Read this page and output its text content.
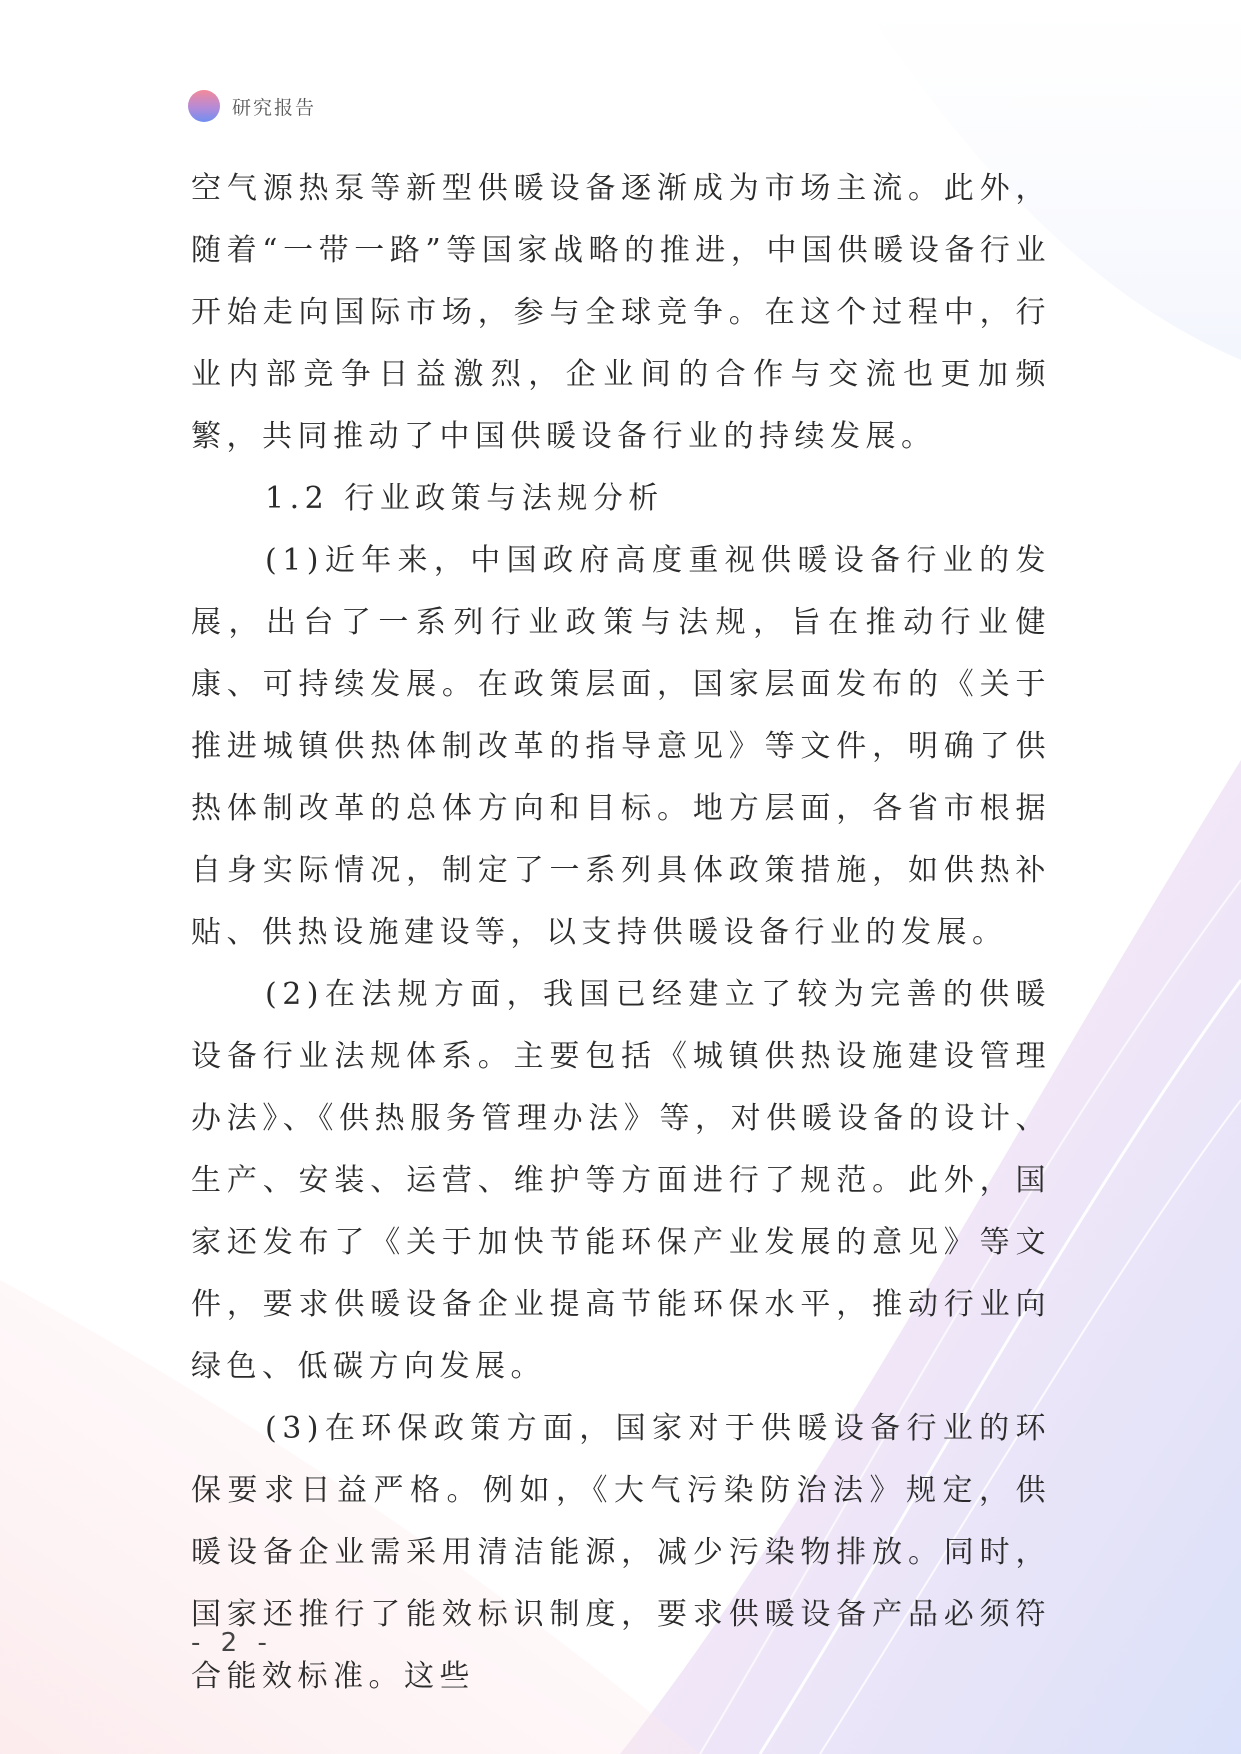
研究报告

空气源热泵等新型供暖设备逐渐成为市场主流。此外，随着“一带一路”等国家战略的推进，中国供暖设备行业开始走向国际市场，参与全球竞争。在这个过程中，行业内部竞争日益激烈，企业间的合作与交流也更加频繁，共同推动了中国供暖设备行业的持续发展。

1.2 行业政策与法规分析

(1)近年来，中国政府高度重视供暖设备行业的发展，出台了一系列行业政策与法规，旨在推动行业健康、可持续发展。在政策层面，国家层面发布的《关于推进城镇供热体制改革的指导意见》等文件，明确了供热体制改革的总体方向和目标。地方层面，各省市根据自身实际情况，制定了一系列具体政策措施，如供热补贴、供热设施建设等，以支持供暖设备行业的发展。

(2)在法规方面，我国已经建立了较为完善的供暖设备行业法规体系。主要包括《城镇供热设施建设管理办法》、《供热服务管理办法》等，对供暖设备的设计、生产、安装、运营、维护等方面进行了规范。此外，国家还发布了《关于加快节能环保产业发展的意见》等文件，要求供暖设备企业提高节能环保水平，推动行业向绿色、低碳方向发展。

(3)在环保政策方面，国家对于供暖设备行业的环保要求日益严格。例如，《大气污染防治法》规定，供暖设备企业需采用清洁能源，减少污染物排放。同时，国家还推行了能效标识制度，要求供暖设备产品必须符合能效标准。这些

- 2 -
